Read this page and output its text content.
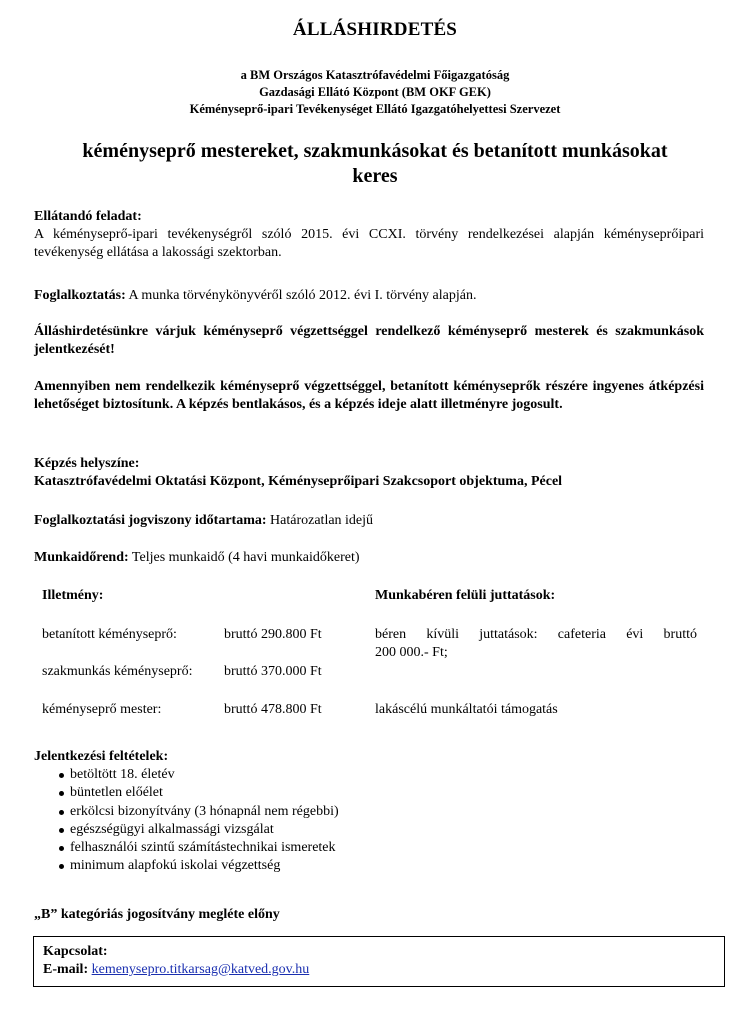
ÁLLÁSHIRDETÉS
a BM Országos Katasztrófavédelmi Főigazgatóság
Gazdasági Ellátó Központ (BM OKF GEK)
Kéményseprő-ipari Tevékenységet Ellátó Igazgatóhelyettesi Szervezet
kéményseprő mestereket, szakmunkásokat és betanított munkásokat
keres
Ellátandó feladat:
A kéményseprő-ipari tevékenységről szóló 2015. évi CCXI. törvény rendelkezései alapján kéményseprőipari tevékenység ellátása a lakossági szektorban.
Foglalkoztatás: A munka törvénykönyvéről szóló 2012. évi I. törvény alapján.
Álláshirdetésünkre várjuk kéményseprő végzettséggel rendelkező kéményseprő mesterek és szakmunkások jelentkezését!
Amennyiben nem rendelkezik kéményseprő végzettséggel, betanított kéményseprők részére ingyenes átképzési lehetőséget biztosítunk. A képzés bentlakásos, és a képzés ideje alatt illetményre jogosult.
Képzés helyszíne:
Katasztrófavédelmi Oktatási Központ, Kéményseprőipari Szakcsoport objektuma, Pécel
Foglalkoztatási jogviszony időtartama: Határozatlan idejű
Munkaidőrend: Teljes munkaidő (4 havi munkaidőkeret)
Illetmény:	Munkabéren felüli juttatások:
betanított kéményseprő:	bruttó 290.800 Ft	béren kívüli juttatások: cafeteria évi bruttó
200 000.- Ft;
szakmunkás kéményseprő: bruttó 370.000 Ft
kéményseprő mester:	bruttó 478.800 Ft	lakáscélú munkáltatói támogatás
Jelentkezési feltételek:
betöltött 18. életév
büntetlen előélet
erkölcsi bizonyítvány (3 hónapnál nem régebbi)
egészségügyi alkalmassági vizsgálat
felhasználói szintű számítástechnikai ismeretek
minimum alapfokú iskolai végzettség
„B” kategóriás jogosítvány megléte előny
Kapcsolat:
E-mail: kemenysepro.titkarsag@katved.gov.hu
